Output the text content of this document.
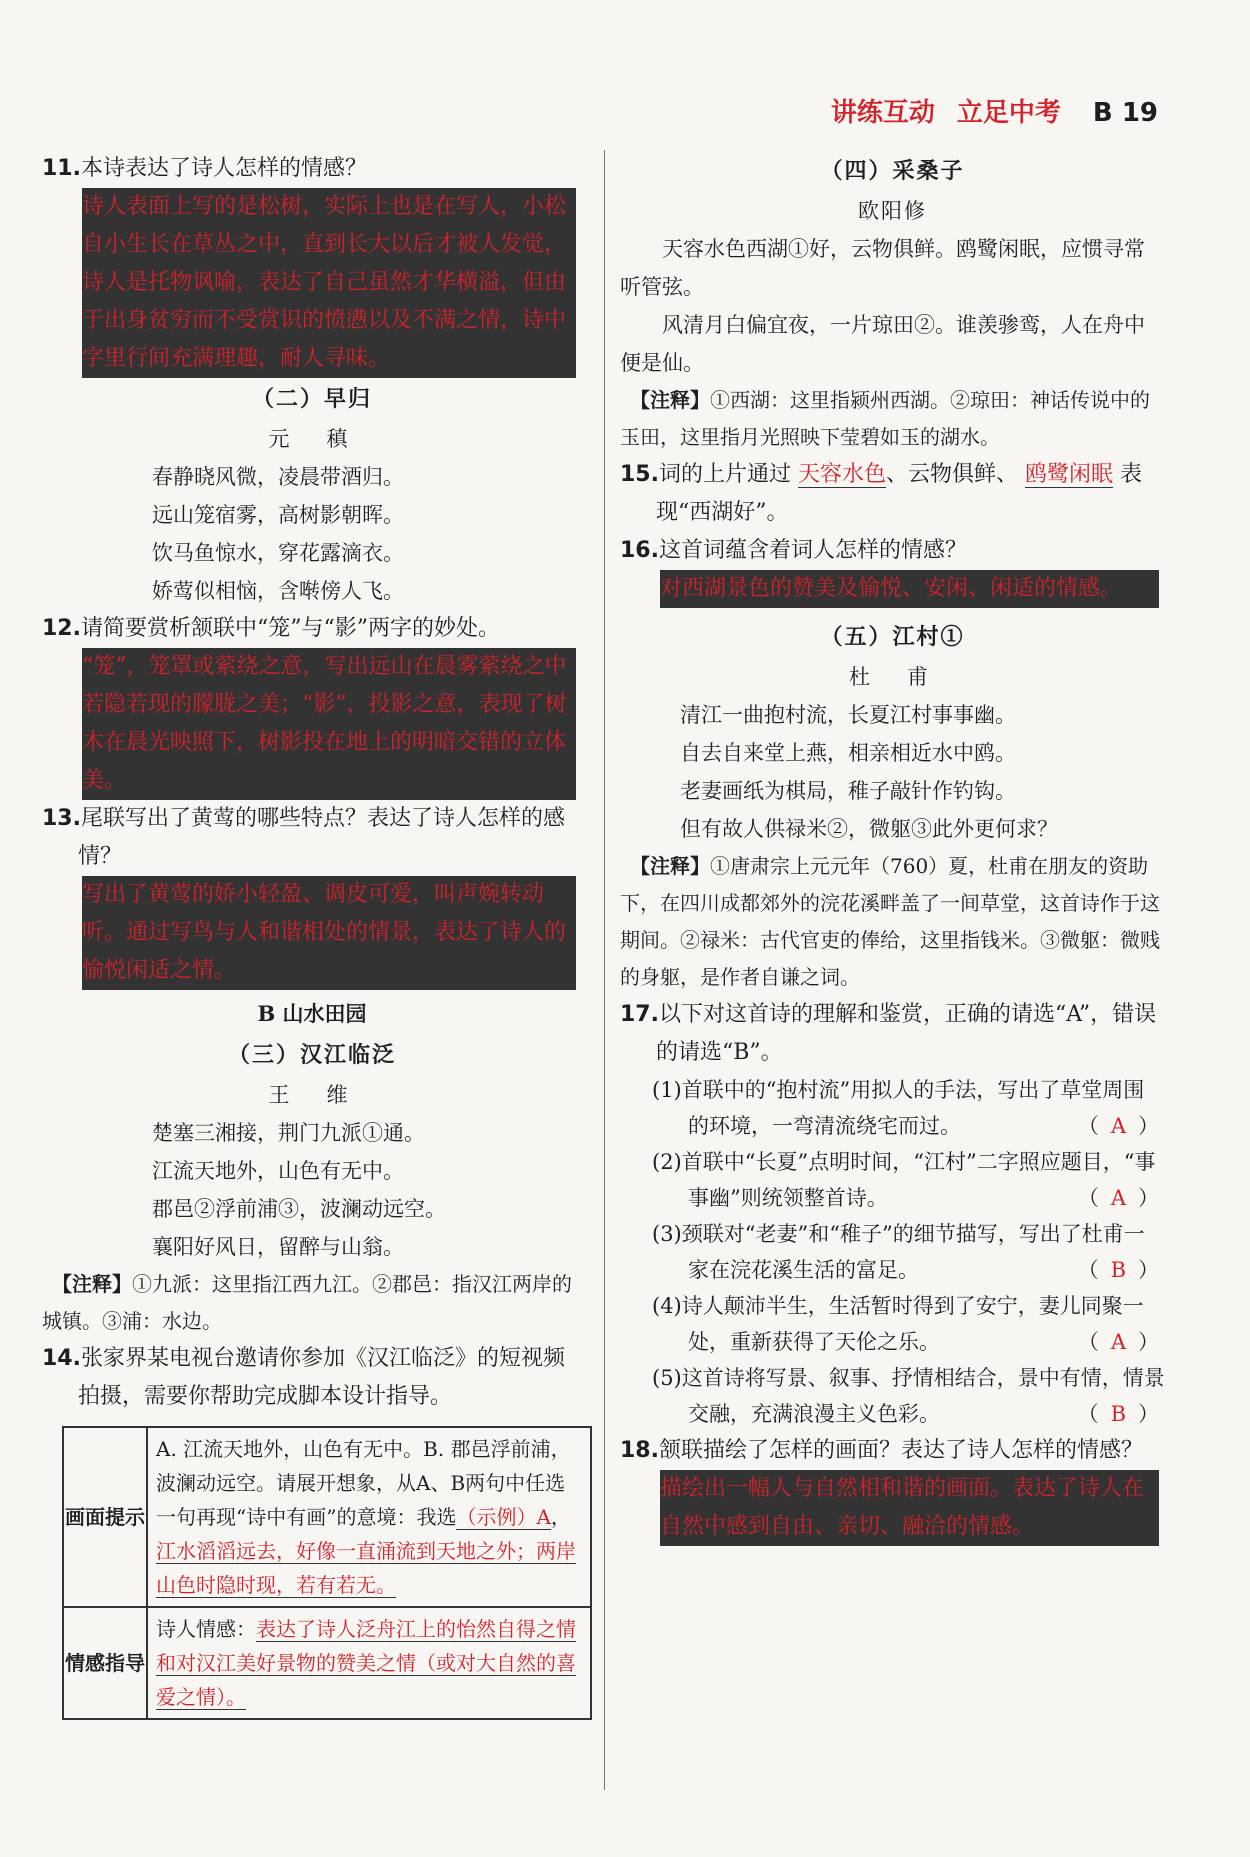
讲练互动 立足中考 B 19

11.本诗表达了诗人怎样的情感？

诗人表面上写的是松树，实际上也是在写人，小松自小生长在草丛之中，直到长大以后才被人发觉，诗人是托物讽喻，表达了自己虽然才华横溢，但由于出身贫穷而不受赏识的愤懑以及不满之情，诗中字里行间充满理趣，耐人寻味。

（二）早归

元　稹

春静晓风微，凌晨带酒归。

远山笼宿雾，高树影朝晖。

饮马鱼惊水，穿花露滴衣。

娇莺似相恼，含啭傍人飞。

12.请简要赏析颔联中“笼”与“影”两字的妙处。

“笼”，笼罩或萦绕之意，写出远山在晨雾萦绕之中若隐若现的朦胧之美；“影”，投影之意，表现了树木在晨光映照下，树影投在地上的明暗交错的立体美。

13.尾联写出了黄莺的哪些特点？表达了诗人怎样的感情？

写出了黄莺的娇小轻盈、调皮可爱，叫声婉转动听。通过写鸟与人和谐相处的情景，表达了诗人的愉悦闲适之情。

B 山水田园

（三）汉江临泛

王　维

楚塞三湘接，荆门九派①通。

江流天地外，山色有无中。

郡邑②浮前浦③，波澜动远空。

襄阳好风日，留醉与山翁。

【注释】①九派：这里指江西九江。②郡邑：指汉江两岸的城镇。③浦：水边。

14.张家界某电视台邀请你参加《汉江临泛》的短视频拍摄，需要你帮助完成脚本设计指导。

画面提示	A. 江流天地外，山色有无中。B. 郡邑浮前浦，波澜动远空。请展开想象，从A、B两句中任选一句再现“诗中有画”的意境：我选（示例）A，江水滔滔远去，好像一直涌流到天地之外；两岸山色时隐时现，若有若无。
情感指导	诗人情感：表达了诗人泛舟江上的怡然自得之情和对汉江美好景物的赞美之情（或对大自然的喜爱之情）。

（四）采桑子

欧阳修

天容水色西湖①好，云物俱鲜。鸥鹭闲眠，应惯寻常听管弦。

风清月白偏宜夜，一片琼田②。谁羡骖鸾，人在舟中便是仙。

【注释】①西湖：这里指颍州西湖。②琼田：神话传说中的玉田，这里指月光照映下莹碧如玉的湖水。

15.词的上片通过 天容水色、云物俱鲜、 鸥鹭闲眠 表现“西湖好”。

16.这首词蕴含着词人怎样的情感？

对西湖景色的赞美及愉悦、安闲、闲适的情感。

（五）江村①

杜　甫

清江一曲抱村流，长夏江村事事幽。

自去自来堂上燕，相亲相近水中鸥。

老妻画纸为棋局，稚子敲针作钓钩。

但有故人供禄米②，微躯③此外更何求？

【注释】①唐肃宗上元元年（760）夏，杜甫在朋友的资助下，在四川成都郊外的浣花溪畔盖了一间草堂，这首诗作于这期间。②禄米：古代官吏的俸给，这里指钱米。③微躯：微贱的身躯，是作者自谦之词。

17.以下对这首诗的理解和鉴赏，正确的请选“A”，错误的请选“B”。

(1)首联中的“抱村流”用拟人的手法，写出了草堂周围的环境，一弯清流绕宅而过。	（ A ）

(2)首联中“长夏”点明时间，“江村”二字照应题目，“事事幽”则统领整首诗。	（ A ）

(3)颈联对“老妻”和“稚子”的细节描写，写出了杜甫一家在浣花溪生活的富足。	（ B ）

(4)诗人颠沛半生，生活暂时得到了安宁，妻儿同聚一处，重新获得了天伦之乐。	（ A ）

(5)这首诗将写景、叙事、抒情相结合，景中有情，情景交融，充满浪漫主义色彩。	（ B ）

18.颔联描绘了怎样的画面？表达了诗人怎样的情感？

描绘出一幅人与自然相和谐的画面。表达了诗人在自然中感到自由、亲切、融洽的情感。
